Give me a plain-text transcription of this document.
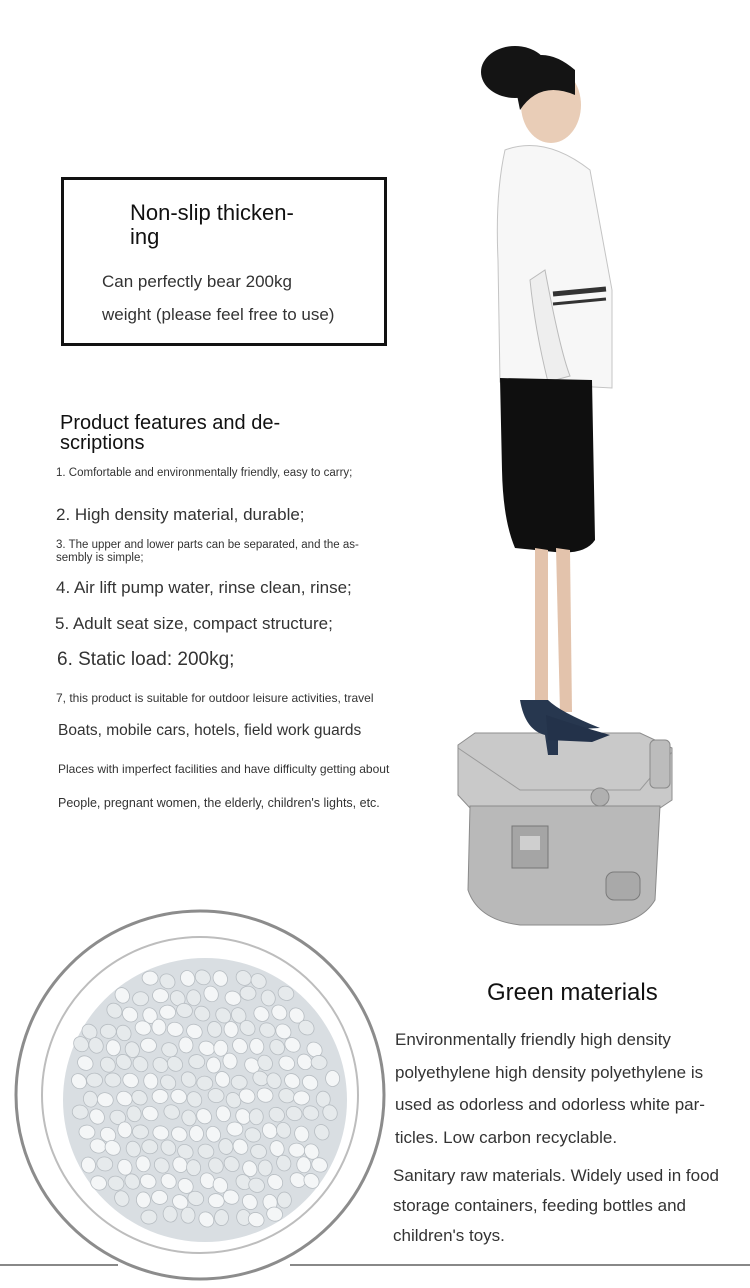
Non-slip thicken-
ing
Can perfectly bear 200kg
weight (please feel free to use)
Product features and de-
scriptions
1. Comfortable and environmentally friendly, easy to carry;
2. High density material, durable;
3. The upper and lower parts can be separated, and the as-sembly is simple;
4. Air lift pump water, rinse clean, rinse;
5. Adult seat size, compact structure;
6. Static load: 200kg;
7, this product is suitable for outdoor leisure activities, travel
Boats, mobile cars, hotels, field work guards
Places with imperfect facilities and have difficulty getting about
People, pregnant women, the elderly, children's lights, etc.
Green materials
Environmentally friendly high density polyethylene high density polyethylene is used as odorless and odorless white par-ticles. Low carbon recyclable.
Sanitary raw materials. Widely used in food storage containers, feeding bottles and children's toys.
